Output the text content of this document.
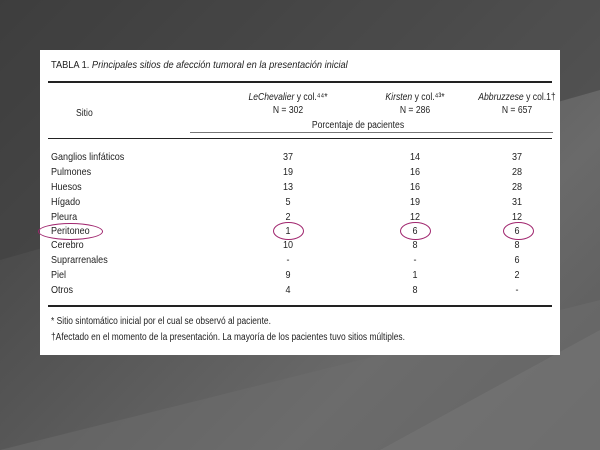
TABLA 1. Principales sitios de afección tumoral en la presentación inicial
Sitio
LeChevalier y col.⁴⁴*
N = 302
Kirsten y col.⁴³*
N = 286
Abbruzzese y col.1†
N = 657
Porcentaje de pacientes
Ganglios linfáticos	37	14	37
Pulmones	19	16	28
Huesos	13	16	28
Hígado	5	19	31
Pleura	2	12	12
Peritoneo	1	6	6
Cerebro	10	8	8
Suprarrenales	-	-	6
Piel	9	1	2
Otros	4	8	-
* Sitio sintomático inicial por el cual se observó al paciente.
†Afectado en el momento de la presentación. La mayoría de los pacientes tuvo sitios múltiples.
